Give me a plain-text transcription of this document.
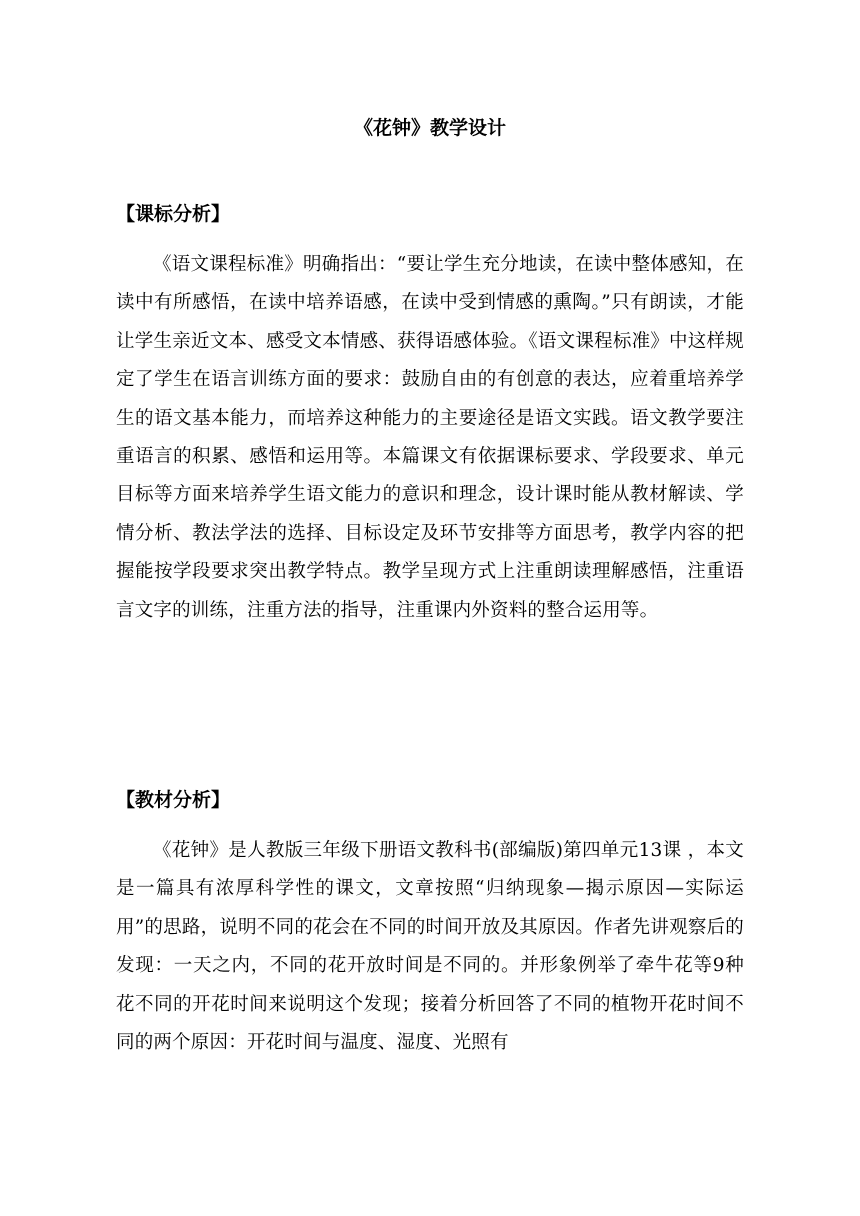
《花钟》教学设计
【课标分析】

《语文课程标准》明确指出：“要让学生充分地读，在读中整体感知，在读中有所感悟，在读中培养语感，在读中受到情感的熏陶。”只有朗读，才能让学生亲近文本、感受文本情感、获得语感体验。《语文课程标准》中这样规定了学生在语言训练方面的要求：鼓励自由的有创意的表达，应着重培养学生的语文基本能力，而培养这种能力的主要途径是语文实践。语文教学要注重语言的积累、感悟和运用等。本篇课文有依据课标要求、学段要求、单元目标等方面来培养学生语文能力的意识和理念，设计课时能从教材解读、学情分析、教法学法的选择、目标设定及环节安排等方面思考，教学内容的把握能按学段要求突出教学特点。教学呈现方式上注重朗读理解感悟，注重语言文字的训练，注重方法的指导，注重课内外资料的整合运用等。

【教材分析】

《花钟》是人教版三年级下册语文教科书(部编版)第四单元13课 ，本文是一篇具有浓厚科学性的课文，文章按照“归纳现象—揭示原因—实际运用”的思路，说明不同的花会在不同的时间开放及其原因。作者先讲观察后的发现：一天之内，不同的花开放时间是不同的。并形象例举了牵牛花等9种花不同的开花时间来说明这个发现；接着分析回答了不同的植物开花时间不同的两个原因：开花时间与温度、湿度、光照有
